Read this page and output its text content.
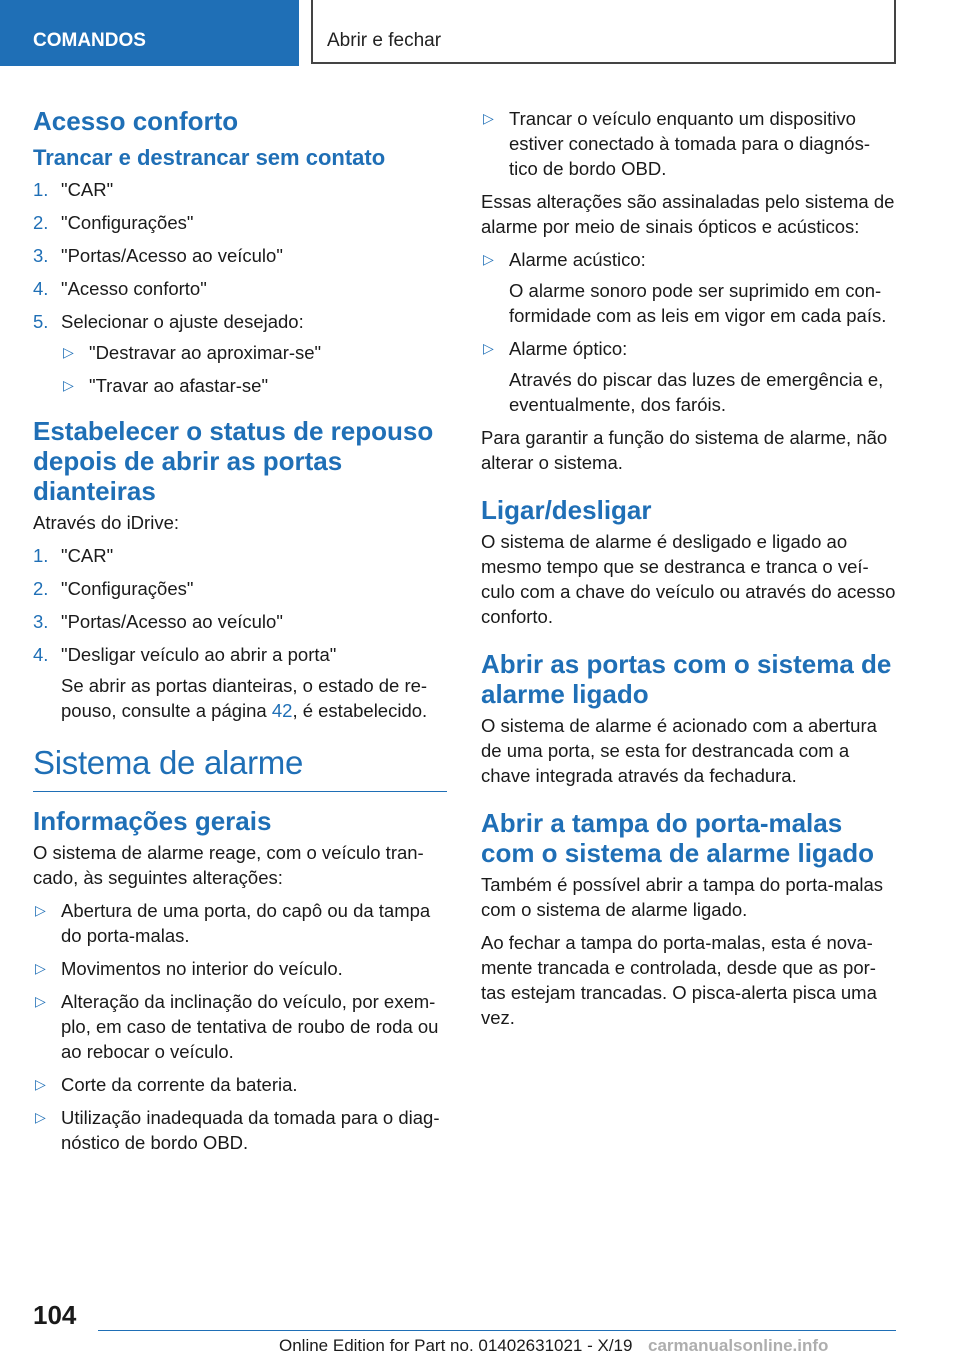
COMANDOS	Abrir e fechar
Acesso conforto
Trancar e destrancar sem contato
1. "CAR"
2. "Configurações"
3. "Portas/Acesso ao veículo"
4. "Acesso conforto"
5. Selecionar o ajuste desejado:
▷ "Destravar ao aproximar-se"
▷ "Travar ao afastar-se"
Estabelecer o status de repouso depois de abrir as portas dianteiras

Através do iDrive:

1. "CAR"
2. "Configurações"
3. "Portas/Acesso ao veículo"
4. "Desligar veículo ao abrir a porta"
Se abrir as portas dianteiras, o estado de re-pouso, consulte a página 42, é estabelecido.
Sistema de alarme
Informações gerais

O sistema de alarme reage, com o veículo tran-cado, às seguintes alterações:

▷ Abertura de uma porta, do capô ou da tampa do porta-malas.
▷ Movimentos no interior do veículo.
▷ Alteração da inclinação do veículo, por exem-plo, em caso de tentativa de roubo de roda ou ao rebocar o veículo.
▷ Corte da corrente da bateria.
▷ Utilização inadequada da tomada para o diag-nóstico de bordo OBD.
▷ Trancar o veículo enquanto um dispositivo estiver conectado à tomada para o diagnós-tico de bordo OBD.

Essas alterações são assinaladas pelo sistema de alarme por meio de sinais ópticos e acústicos:

▷ Alarme acústico:
O alarme sonoro pode ser suprimido em con-formidade com as leis em vigor em cada país.
▷ Alarme óptico:
Através do piscar das luzes de emergência e, eventualmente, dos faróis.

Para garantir a função do sistema de alarme, não alterar o sistema.

Ligar/desligar

O sistema de alarme é desligado e ligado ao mesmo tempo que se destranca e tranca o veí-culo com a chave do veículo ou através do acesso conforto.

Abrir as portas com o sistema de alarme ligado

O sistema de alarme é acionado com a abertura de uma porta, se esta for destrancada com a chave integrada através da fechadura.

Abrir a tampa do porta-malas com o sistema de alarme ligado

Também é possível abrir a tampa do porta-malas com o sistema de alarme ligado.

Ao fechar a tampa do porta-malas, esta é nova-mente trancada e controlada, desde que as por-tas estejam trancadas. O pisca-alerta pisca uma vez.

104
Online Edition for Part no. 01402631021 - X/19 carmanualsonline.info
